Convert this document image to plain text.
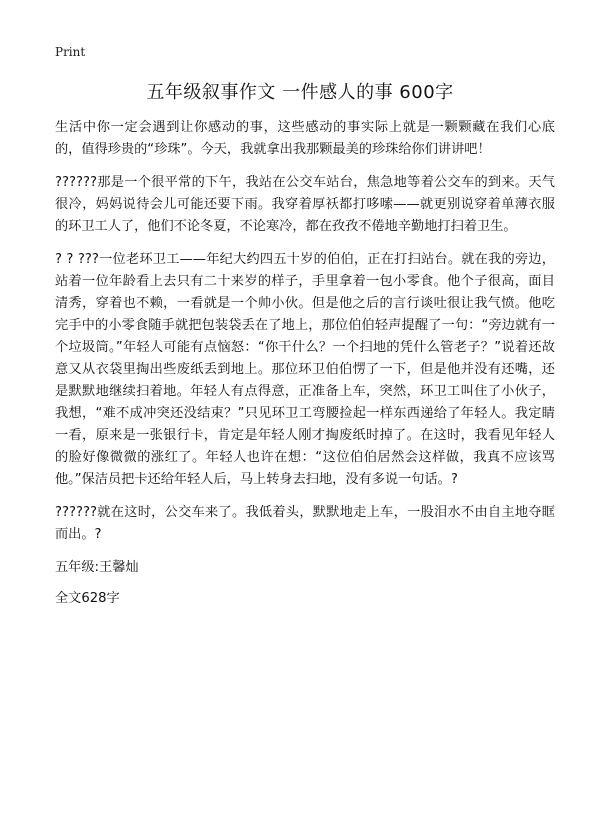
Print
五年级叙事作文 一件感人的事 600字

生活中你一定会遇到让你感动的事，这些感动的事实际上就是一颗颗藏在我们心底的，值得珍贵的“珍珠”。今天，我就拿出我那颗最美的珍珠给你们讲讲吧！

??????那是一个很平常的下午，我站在公交车站台，焦急地等着公交车的到来。天气很冷，妈妈说待会儿可能还要下雨。我穿着厚袄都打哆嗦——就更别说穿着单薄衣服的环卫工人了，他们不论冬夏，不论寒冷，都在孜孜不倦地辛勤地打扫着卫生。

? ? ???一位老环卫工——年纪大约四五十岁的伯伯，正在打扫站台。就在我的旁边，站着一位年龄看上去只有二十来岁的样子，手里拿着一包小零食。他个子很高，面目清秀，穿着也不赖，一看就是一个帅小伙。但是他之后的言行谈吐很让我气愤。他吃完手中的小零食随手就把包装袋丢在了地上，那位伯伯轻声提醒了一句：“旁边就有一个垃圾筒。”年轻人可能有点恼怒：“你干什么？一个扫地的凭什么管老子？”说着还故意又从衣袋里掏出些废纸丢到地上。那位环卫伯伯愣了一下，但是他并没有还嘴，还是默默地继续扫着地。年轻人有点得意，正准备上车，突然，环卫工叫住了小伙子，我想，“难不成冲突还没结束？”只见环卫工弯腰捡起一样东西递给了年轻人。我定睛一看，原来是一张银行卡，肯定是年轻人刚才掏废纸时掉了。在这时，我看见年轻人的脸好像微微的涨红了。年轻人也许在想：“这位伯伯居然会这样做，我真不应该骂他。”保洁员把卡还给年轻人后，马上转身去扫地，没有多说一句话。?

??????就在这时，公交车来了。我低着头，默默地走上车，一股泪水不由自主地夺眶而出。?

五年级:王馨灿

全文628字
